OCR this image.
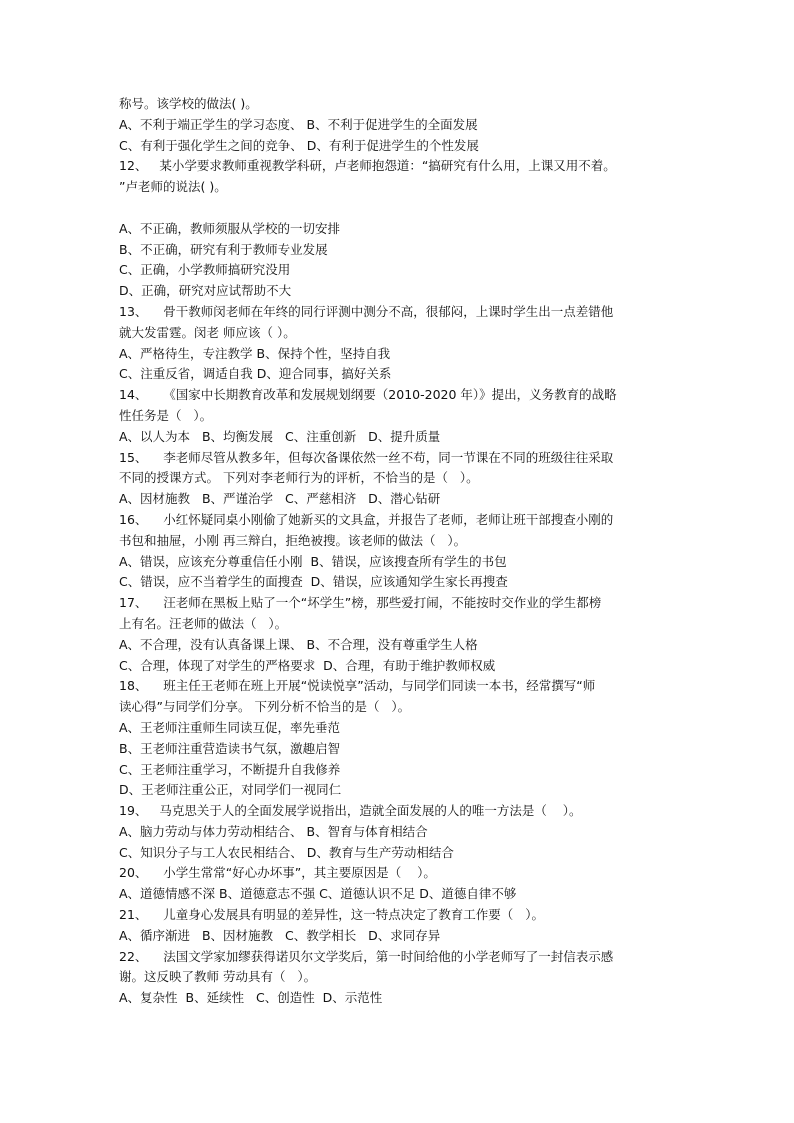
称号。该学校的做法( )。
A、不利于端正学生的学习态度、 B、不利于促进学生的全面发展
C、有利于强化学生之间的竞争、 D、有利于促进学生的个性发展
12、   某小学要求教师重视教学科研，卢老师抱怨道：“搞研究有什么用，上课又用不着。
”卢老师的说法( )。
A、不正确，教师须服从学校的一切安排
B、不正确，研究有利于教师专业发展
C、正确，小学教师搞研究没用
D、正确，研究对应试帮助不大
13、    骨干教师闵老师在年终的同行评测中测分不高，很郁闷，上课时学生出一点差错他
就大发雷霆。闵老 师应该（ ）。
A、严格待生，专注教学 B、保持个性，坚持自我
C、注重反省，调适自我 D、迎合同事，搞好关系
14、    《国家中长期教育改革和发展规划纲要（2010-2020 年）》提出，义务教育的战略
性任务是（   ）。
A、以人为本   B、均衡发展   C、注重创新   D、提升质量
15、    李老师尽管从教多年，但每次备课依然一丝不苟，同一节课在不同的班级往往采取
不同的授课方式。 下列对李老师行为的评析，不恰当的是（   ）。
A、因材施教   B、严谨治学   C、严慈相济   D、潜心钻研
16、    小红怀疑同桌小刚偷了她新买的文具盒，并报告了老师，老师让班干部搜查小刚的
书包和抽屉，小刚 再三辩白，拒绝被搜。该老师的做法（   ）。
A、错误，应该充分尊重信任小刚  B、错误，应该搜查所有学生的书包
C、错误，应不当着学生的面搜查  D、错误，应该通知学生家长再搜查
17、    汪老师在黑板上贴了一个“坏学生”榜，那些爱打闹，不能按时交作业的学生都榜
上有名。汪老师的做法（   ）。
A、不合理，没有认真备课上课、 B、不合理，没有尊重学生人格
C、合理，体现了对学生的严格要求  D、合理，有助于维护教师权威
18、    班主任王老师在班上开展“悦读悦享”活动，与同学们同读一本书，经常撰写“师
读心得”与同学们分享。 下列分析不恰当的是（   ）。
A、王老师注重师生同读互促，率先垂范
B、王老师注重营造读书气氛，激趣启智
C、王老师注重学习，不断提升自我修养
D、王老师注重公正，对同学们一视同仁
19、   马克思关于人的全面发展学说指出，造就全面发展的人的唯一方法是（    ）。
A、脑力劳动与体力劳动相结合、 B、智育与体育相结合
C、知识分子与工人农民相结合、 D、教育与生产劳动相结合
20、    小学生常常“好心办坏事”，其主要原因是（    ）。
A、道德情感不深 B、道德意志不强 C、道德认识不足 D、道德自律不够
21、    儿童身心发展具有明显的差异性，这一特点决定了教育工作要（   ）。
A、循序渐进   B、因材施教   C、教学相长   D、求同存异
22、    法国文学家加缪获得诺贝尔文学奖后，第一时间给他的小学老师写了一封信表示感
谢。这反映了教师 劳动具有（   ）。
A、复杂性  B、延续性   C、创造性  D、示范性
